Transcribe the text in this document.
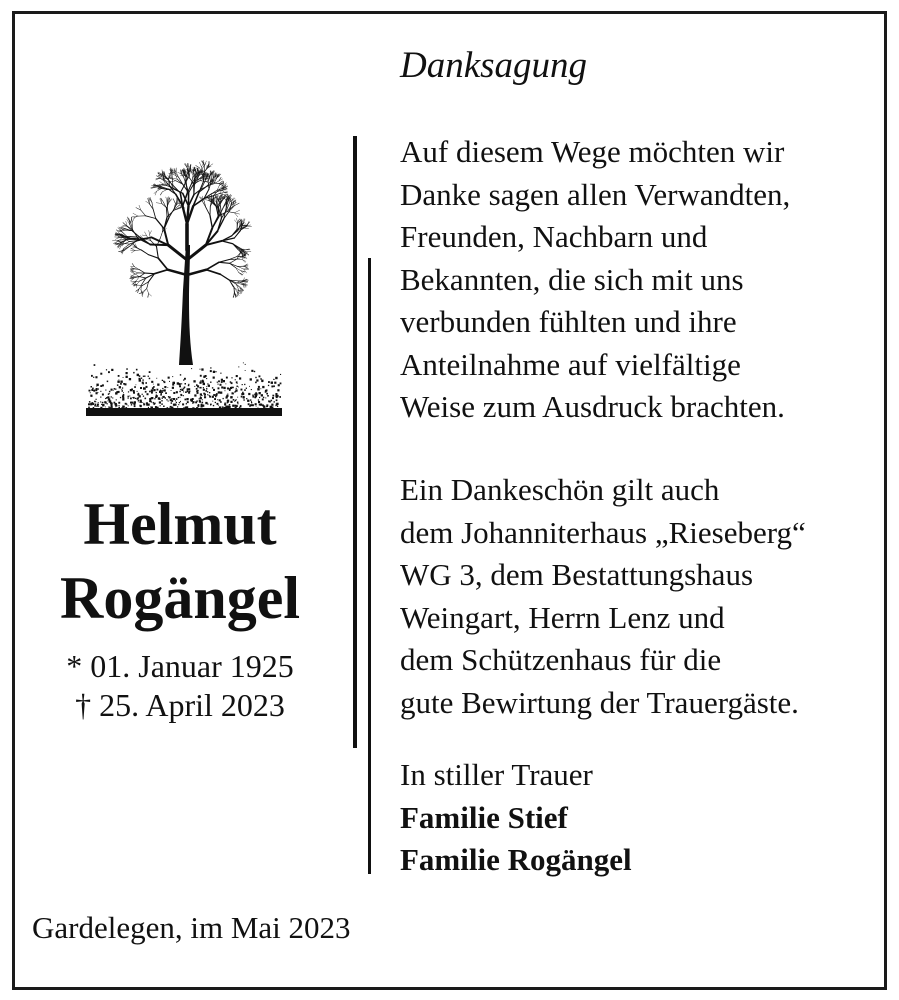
Danksagung
Helmut
Rogängel
* 01. Januar 1925
† 25. April 2023
Auf diesem Wege möchten wir
Danke sagen allen Verwandten,
Freunden, Nachbarn und
Bekannten, die sich mit uns
verbunden fühlten und ihre
Anteilnahme auf vielfältige
Weise zum Ausdruck brachten.
Ein Dankeschön gilt auch
dem Johanniterhaus „Rieseberg“
WG 3, dem Bestattungshaus
Weingart, Herrn Lenz und
dem Schützenhaus für die
gute Bewirtung der Trauergäste.
In stiller Trauer
Familie Stief
Familie Rogängel
Gardelegen, im Mai 2023
